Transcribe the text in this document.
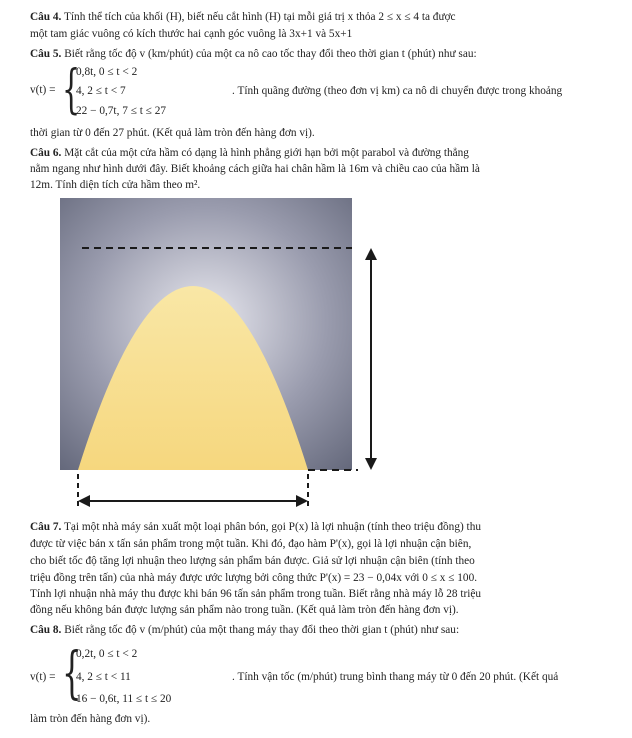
Câu 4. Tính thể tích của khối (H), biết nếu cắt hình (H) tại mỗi giá trị x thỏa 2 ≤ x ≤ 4 ta được
một tam giác vuông có kích thước hai cạnh góc vuông là 3x+1 và 5x+1
Câu 5. Biết rằng tốc độ v (km/phút) của một ca nô cao tốc thay đổi theo thời gian t (phút) như sau:
v(t) = {
0,8t, 0 ≤ t < 2
4, 2 ≤ t < 7
22 − 0,7t, 7 ≤ t ≤ 27
. Tính quãng đường (theo đơn vị km) ca nô di chuyển được trong khoảng
thời gian từ 0 đến 27 phút. (Kết quả làm tròn đến hàng đơn vị).
Câu 6. Mặt cắt của một cửa hầm có dạng là hình phẳng giới hạn bởi một parabol và đường thẳng
nằm ngang như hình dưới đây. Biết khoảng cách giữa hai chân hầm là 16m và chiều cao của hầm là
12m. Tính diện tích cửa hầm theo m².
Câu 7. Tại một nhà máy sản xuất một loại phân bón, gọi P(x) là lợi nhuận (tính theo triệu đồng) thu
được từ việc bán x tấn sản phẩm trong một tuần. Khi đó, đạo hàm P'(x), gọi là lợi nhuận cận biên,
cho biết tốc độ tăng lợi nhuận theo lượng sản phẩm bán được. Giả sử lợi nhuận cận biên (tính theo
triệu đồng trên tấn) của nhà máy được ước lượng bởi công thức P'(x) = 23 − 0,04x với 0 ≤ x ≤ 100.
Tính lợi nhuận nhà máy thu được khi bán 96 tấn sản phẩm trong tuần. Biết rằng nhà máy lỗ 28 triệu
đồng nếu không bán được lượng sản phẩm nào trong tuần. (Kết quả làm tròn đến hàng đơn vị).
Câu 8. Biết rằng tốc độ v (m/phút) của một thang máy thay đổi theo thời gian t (phút) như sau:
v(t) = {
0,2t, 0 ≤ t < 2
4, 2 ≤ t < 11
16 − 0,6t, 11 ≤ t ≤ 20
. Tính vận tốc (m/phút) trung bình thang máy từ 0 đến 20 phút. (Kết quả
làm tròn đến hàng đơn vị).
